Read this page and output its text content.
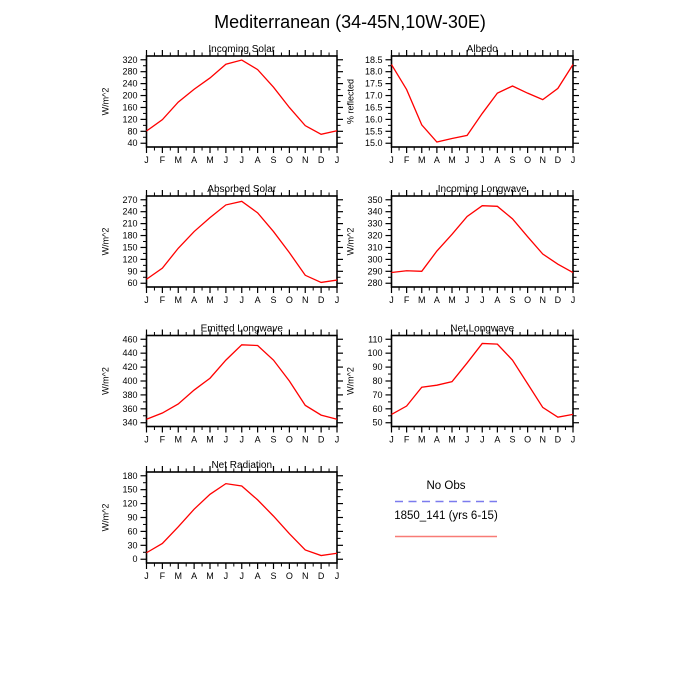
Mediterranean (34-45N,10W-30E)
40
80
120
160
200
240
280
320
J F M A M J J A S O N D J
Incoming Solar
W/m^2
15.0
15.5
16.0
16.5
17.0
17.5
18.0
18.5
J F M A M J J A S O N D J
Albedo
% reflected
60
90
120
150
180
210
240
270
J F M A M J J A S O N D J
Absorbed Solar
W/m^2
280
290
300
310
320
330
340
350
J F M A M J J A S O N D J
Incoming Longwave
W/m^2
340
360
380
400
420
440
460
J F M A M J J A S O N D J
Emitted Longwave
W/m^2
50
60
70
80
90
100
110
J F M A M J J A S O N D J
Net Longwave
W/m^2
0
30
60
90
120
150
180
J F M A M J J A S O N D J
Net Radiation
W/m^2
No Obs
1850_141 (yrs 6-15)
